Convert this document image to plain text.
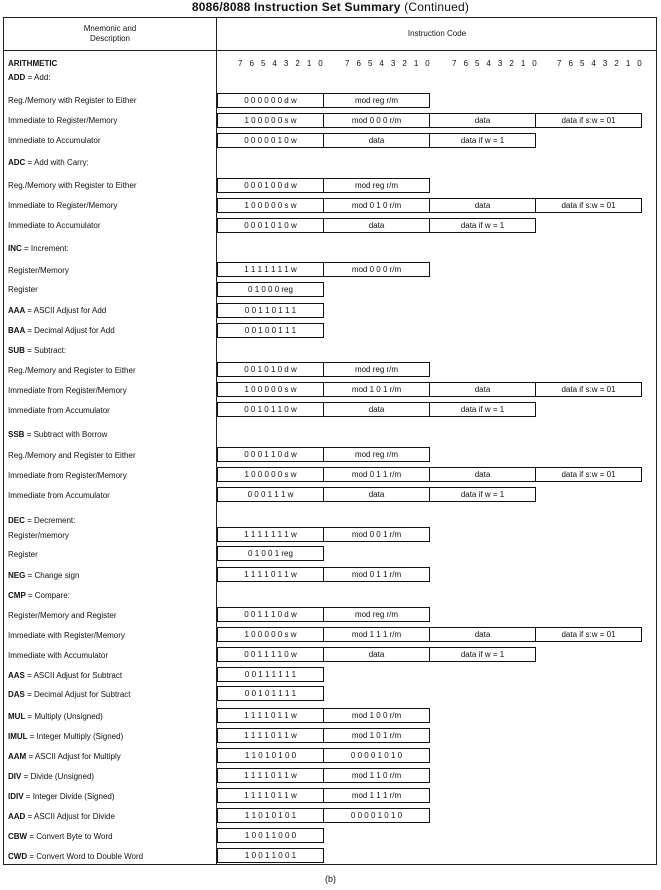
8086/8088 Instruction Set Summary (Continued)
Mnemonic and
Description
Instruction Code
7 6 5 4 3 2 1 0 7 6 5 4 3 2 1 0 7 6 5 4 3 2 1 0 7 6 5 4 3 2 1 0
ARITHMETIC
ADD = Add:
Reg./Memory with Register to Either	0 0 0 0 0 0 d w	mod reg r/m
Immediate to Register/Memory	1 0 0 0 0 0 s w	mod 0 0 0 r/m	data	data if s:w = 01
Immediate to Accumulator	0 0 0 0 0 1 0 w	data	data if w = 1
ADC = Add with Carry:
Reg./Memory with Register to Either	0 0 0 1 0 0 d w	mod reg r/m
Immediate to Register/Memory	1 0 0 0 0 0 s w	mod 0 1 0 r/m	data	data if s:w = 01
Immediate to Accumulator	0 0 0 1 0 1 0 w	data	data if w = 1
INC = Increment:
Register/Memory	1 1 1 1 1 1 1 w	mod 0 0 0 r/m
Register	0 1 0 0 0 reg
AAA = ASCII Adjust for Add	0 0 1 1 0 1 1 1
BAA = Decimal Adjust for Add	0 0 1 0 0 1 1 1
SUB = Subtract:
Reg./Memory and Register to Either	0 0 1 0 1 0 d w	mod reg r/m
Immediate from Register/Memory	1 0 0 0 0 0 s w	mod 1 0 1 r/m	data	data if s:w = 01
Immediate from Accumulator	0 0 1 0 1 1 0 w	data	data if w = 1
SSB = Subtract with Borrow
Reg./Memory and Register to Either	0 0 0 1 1 0 d w	mod reg r/m
Immediate from Register/Memory	1 0 0 0 0 0 s w	mod 0 1 1 r/m	data	data if s:w = 01
Immediate from Accumulator	0 0 0 1 1 1 w	data	data if w = 1
DEC = Decrement:
Register/memory	1 1 1 1 1 1 1 w	mod 0 0 1 r/m
Register	0 1 0 0 1 reg
NEG = Change sign	1 1 1 1 0 1 1 w	mod 0 1 1 r/m
CMP = Compare:
Register/Memory and Register	0 0 1 1 1 0 d w	mod reg r/m
Immediate with Register/Memory	1 0 0 0 0 0 s w	mod 1 1 1 r/m	data	data if s:w = 01
Immediate with Accumulator	0 0 1 1 1 1 0 w	data	data if w = 1
AAS = ASCII Adjust for Subtract	0 0 1 1 1 1 1 1
DAS = Decimal Adjust for Subtract	0 0 1 0 1 1 1 1
MUL = Multiply (Unsigned)	1 1 1 1 0 1 1 w	mod 1 0 0 r/m
IMUL = Integer Multiply (Signed)	1 1 1 1 0 1 1 w	mod 1 0 1 r/m
AAM = ASCII Adjust for Multiply	1 1 0 1 0 1 0 0	0 0 0 0 1 0 1 0
DIV = Divide (Unsigned)	1 1 1 1 0 1 1 w	mod 1 1 0 r/m
IDIV = Integer Divide (Signed)	1 1 1 1 0 1 1 w	mod 1 1 1 r/m
AAD = ASCII Adjust for Divide	1 1 0 1 0 1 0 1	0 0 0 0 1 0 1 0
CBW = Convert Byte to Word	1 0 0 1 1 0 0 0
CWD = Convert Word to Double Word	1 0 0 1 1 0 0 1
(b)
